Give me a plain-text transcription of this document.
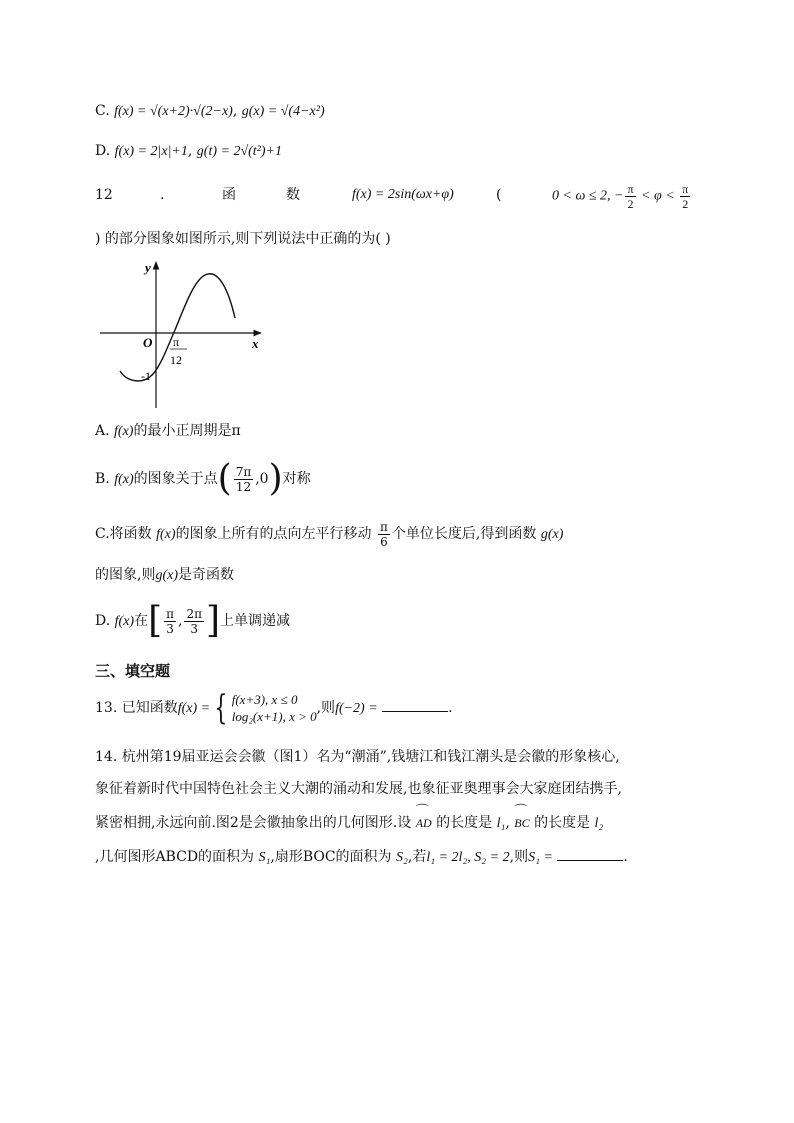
C. f(x) = √(x+2)·√(2−x), g(x) = √(4−x²)
D. f(x) = 2|x|+1, g(t) = 2√(t²)+1
12	.	函	数	f(x) = 2sin(ωx+φ)	(	0 < ω ≤ 2, − $\frac{\pi}{2} < \varphi < \frac{\pi}{2}$
) 的部分图象如图所示,则下列说法中正确的为( )
y
x
O
-1
π
12
A. f(x)的最小正周期是π
B. f(x)的图象关于点( $\frac{7\pi}{12} ,0$)对称
C.将函数 f(x)的图象上所有的点向左平行移动 $\frac{\pi}{6}$ 个单位长度后,得到函数 g(x)
的图象,则g(x)是奇函数
D. f(x)在[ $\frac{\pi}{3}$ , $\frac{2\pi}{3}$ ]上单调递减
三、填空题
13. 已知函数f(x) = { f(x+3), x ≤ 0
log₂(x+1), x > 0
,则f(−2) =	.
14. 杭州第19届亚运会会徽（图1）名为“潮涌”,钱塘江和钱江潮头是会徽的形象核心,
象征着新时代中国特色社会主义大潮的涌动和发展,也象征亚奥理事会大家庭团结携手,
紧密相拥,永远向前.图2是会徽抽象出的几何图形.设 ⌒ AD 的长度是 l₁, ⌒ BC 的长度是 l₂
,几何图形ABCD的面积为 S₁,扇形BOC的面积为 S₂,若l₁ = 2l₂, S₂ = 2,则S₁ =	.
